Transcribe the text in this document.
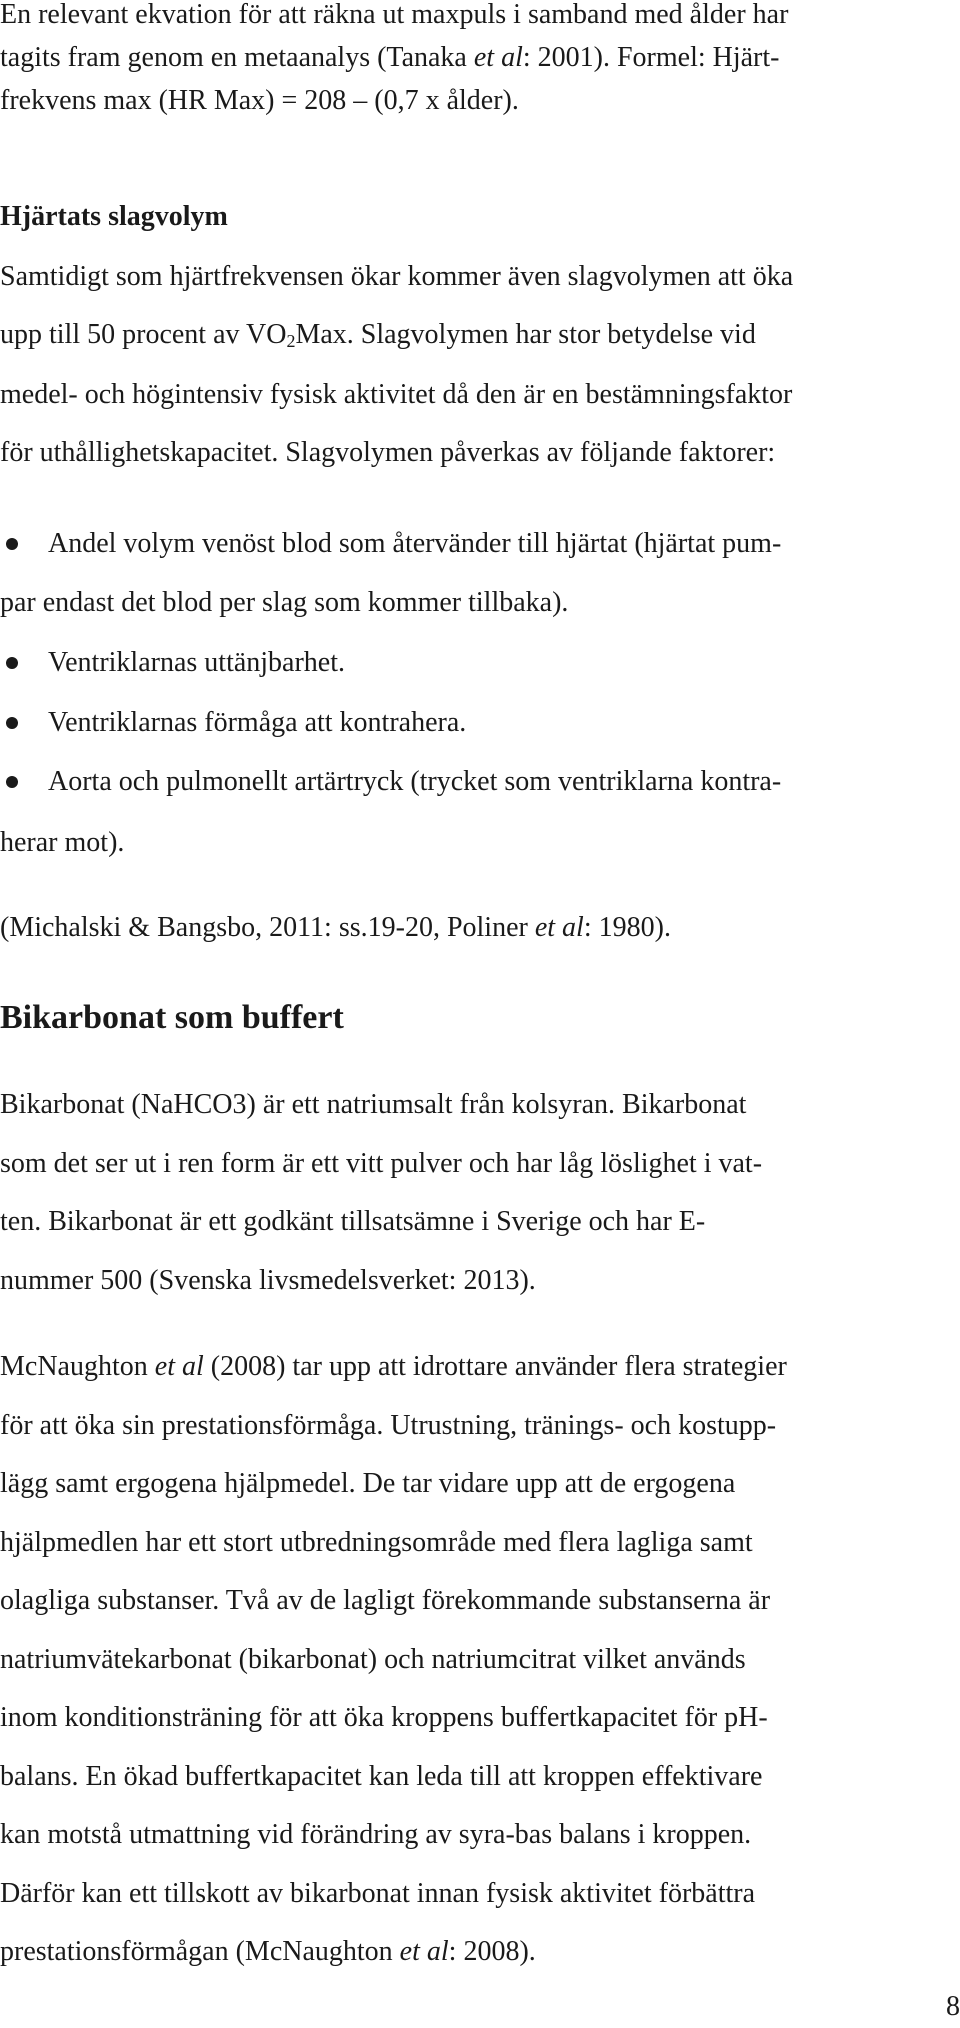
En relevant ekvation för att räkna ut maxpuls i samband med ålder har

tagits fram genom en metaanalys (Tanaka et al: 2001). Formel: Hjärt-

frekvens max (HR Max) = 208 – (0,7 x ålder).

Hjärtats slagvolym

Samtidigt som hjärtfrekvensen ökar kommer även slagvolymen att öka

upp till 50 procent av $VO_2Max$. Slagvolymen har stor betydelse vid

medel- och högintensiv fysisk aktivitet då den är en bestämningsfaktor

för uthållighetskapacitet. Slagvolymen påverkas av följande faktorer:

Andel volym venöst blod som återvänder till hjärtat (hjärtat pum-

par endast det blod per slag som kommer tillbaka).

Ventriklarnas uttänjbarhet.

Ventriklarnas förmåga att kontrahera.

Aorta och pulmonellt artärtryck (trycket som ventriklarna kontra-

herar mot).

(Michalski & Bangsbo, 2011: ss.19-20, Poliner et al: 1980).

Bikarbonat som buffert

Bikarbonat (NaHCO3) är ett natriumsalt från kolsyran. Bikarbonat

som det ser ut i ren form är ett vitt pulver och har låg löslighet i vat-

ten. Bikarbonat är ett godkänt tillsatsämne i Sverige och har E-

nummer 500 (Svenska livsmedelsverket: 2013).

McNaughton et al (2008) tar upp att idrottare använder flera strategier

för att öka sin prestationsförmåga. Utrustning, tränings- och kostupp-

lägg samt ergogena hjälpmedel. De tar vidare upp att de ergogena

hjälpmedlen har ett stort utbredningsområde med flera lagliga samt

olagliga substanser. Två av de lagligt förekommande substanserna är

natriumvätekarbonat (bikarbonat) och natriumcitrat vilket används

inom konditionsträning för att öka kroppens buffertkapacitet för pH-

balans. En ökad buffertkapacitet kan leda till att kroppen effektivare

kan motstå utmattning vid förändring av syra-bas balans i kroppen.

Därför kan ett tillskott av bikarbonat innan fysisk aktivitet förbättra

prestationsförmågan (McNaughton et al: 2008).

8
